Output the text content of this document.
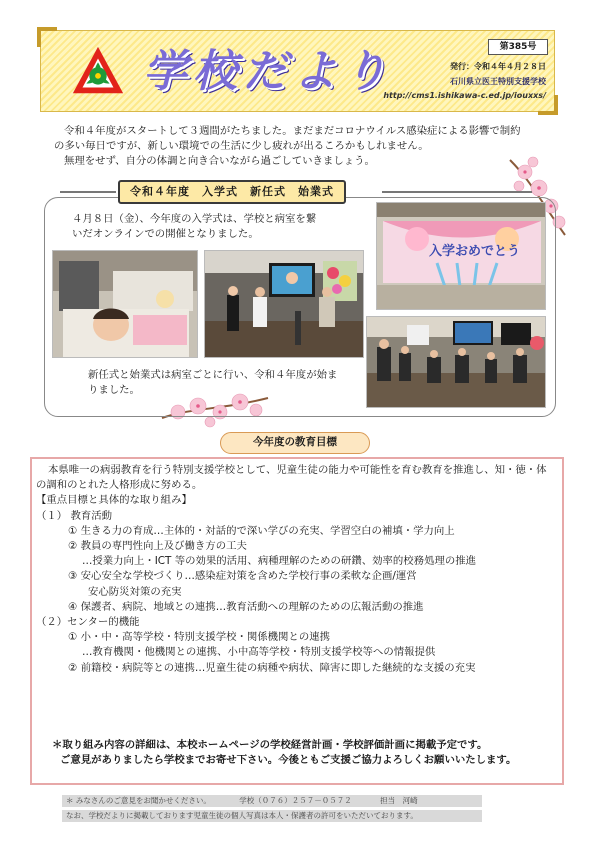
学校だより	第385号
発行：令和４年４月２８日
石川県立医王特別支援学校
http://cms1.ishikawa-c.ed.jp/iouxxs/

令和４年度がスタートして３週間がたちました。まだまだコロナウイルス感染症による影響で制約の多い毎日ですが、新しい環境での生活に少し疲れが出るころかもしれません。

無理をせず、自分の体調と向き合いながら過ごしていきましょう。

令和４年度　入学式　新任式　始業式
４月８日（金）、今年度の入学式は、学校と病室を繋いだオンラインでの開催となりました。
入学おめでとう
新任式と始業式は病室ごとに行い、令和４年度が始まりました。
今年度の教育目標
本県唯一の病弱教育を行う特別支援学校として、児童生徒の能力や可能性を育む教育を推進し、知・徳・体の調和のとれた人格形成に努める。
【重点目標と具体的な取り組み】
（１） 教育活動
① 生きる力の育成…主体的・対話的で深い学びの充実、学習空白の補填・学力向上
② 教員の専門性向上及び働き方の工夫
…授業力向上・ICT 等の効果的活用、病種理解のための研鑽、効率的校務処理の推進
③ 安心安全な学校づくり…感染症対策を含めた学校行事の柔軟な企画/運営
安心防災対策の充実
④ 保護者、病院、地域との連携…教育活動への理解のための広報活動の推進
（２）センター的機能
① 小・中・高等学校・特別支援学校・関係機関との連携
…教育機関・他機関との連携、小中高等学校・特別支援学校等への情報提供
② 前籍校・病院等との連携…児童生徒の病種や病状、障害に即した継続的な支援の充実
＊取り組み内容の詳細は、本校ホームページの学校経営計画・学校評価計画に掲載予定です。
ご意見がありましたら学校までお寄せ下さい。今後ともご支援ご協力よろしくお願いいたします。
＊ みなさんのご意見をお聞かせください。	学校（０７６）２５７－０５７２	担当　河崎
なお、学校だよりに掲載しております児童生徒の個人写真は本人・保護者の許可をいただいております。
